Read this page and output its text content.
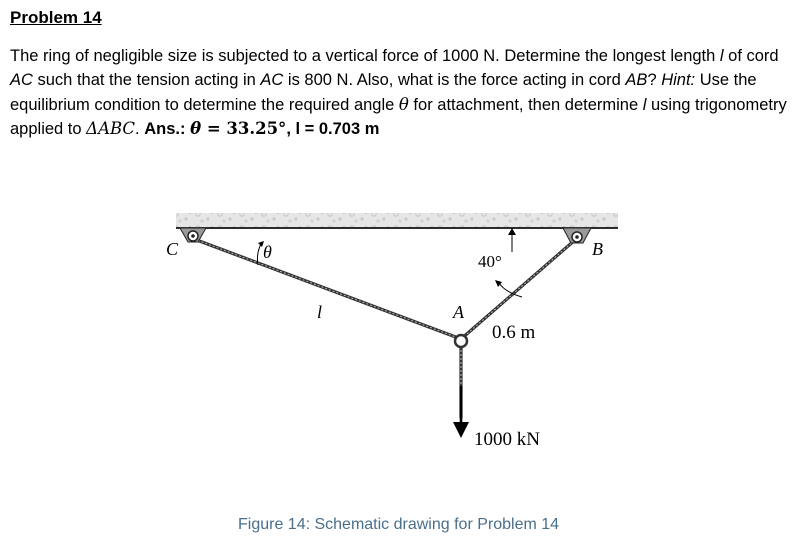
Problem 14
The ring of negligible size is subjected to a vertical force of 1000 N. Determine the longest length l of cord AC such that the tension acting in AC is 800 N. Also, what is the force acting in cord AB? Hint: Use the equilibrium condition to determine the required angle θ for attachment, then determine l using trigonometry applied to ΔABC. Ans.: θ = 33.25°, l = 0.703 m
C	B
A
θ
l
40°
0.6 m
1000 kN
Figure 14: Schematic drawing for Problem 14
